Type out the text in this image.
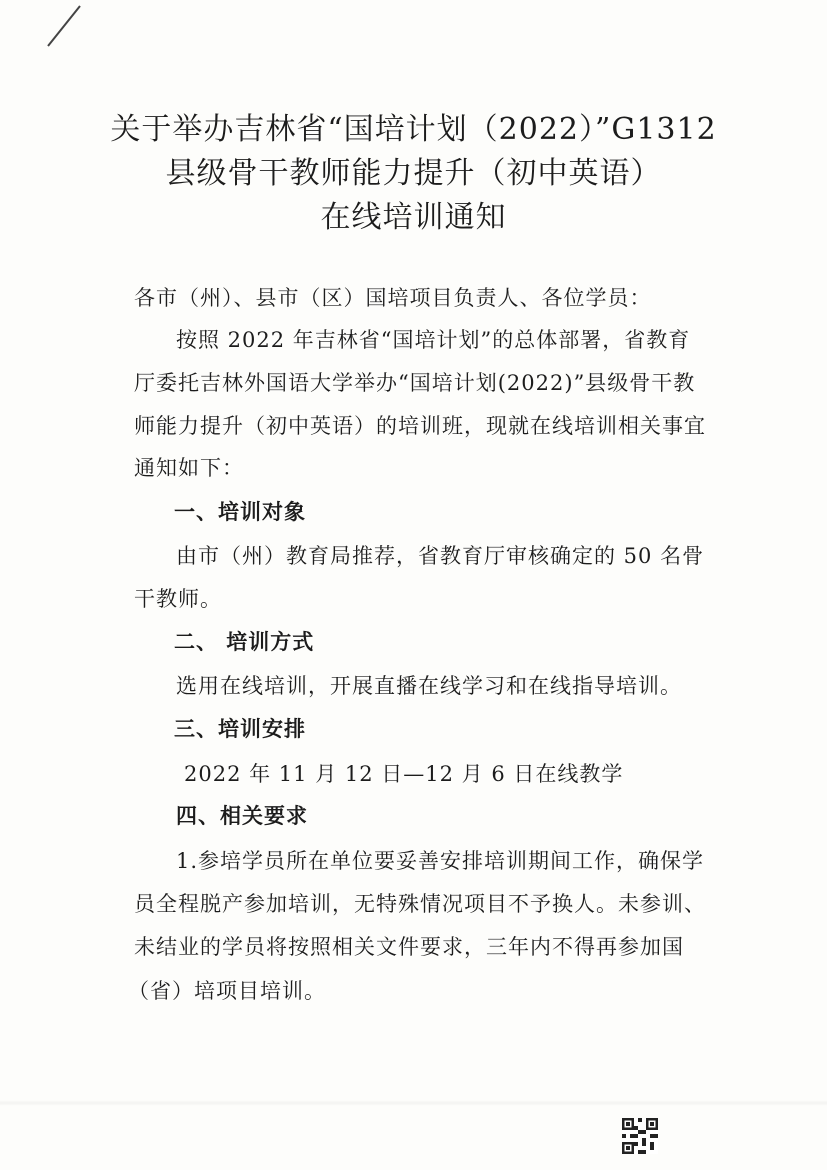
关于举办吉林省“国培计划（2022）”G1312
县级骨干教师能力提升（初中英语）
在线培训通知
各市（州）、县市（区）国培项目负责人、各位学员：
按照 2022 年吉林省“国培计划”的总体部署，省教育
厅委托吉林外国语大学举办“国培计划(2022)”县级骨干教
师能力提升（初中英语）的培训班，现就在线培训相关事宜
通知如下：
一、培训对象
由市（州）教育局推荐，省教育厅审核确定的 50 名骨
干教师。
二、 培训方式
选用在线培训，开展直播在线学习和在线指导培训。
三、培训安排
2022 年 11 月 12 日—12 月 6 日在线教学
四、相关要求
1.参培学员所在单位要妥善安排培训期间工作，确保学
员全程脱产参加培训，无特殊情况项目不予换人。未参训、
未结业的学员将按照相关文件要求，三年内不得再参加国
（省）培项目培训。
